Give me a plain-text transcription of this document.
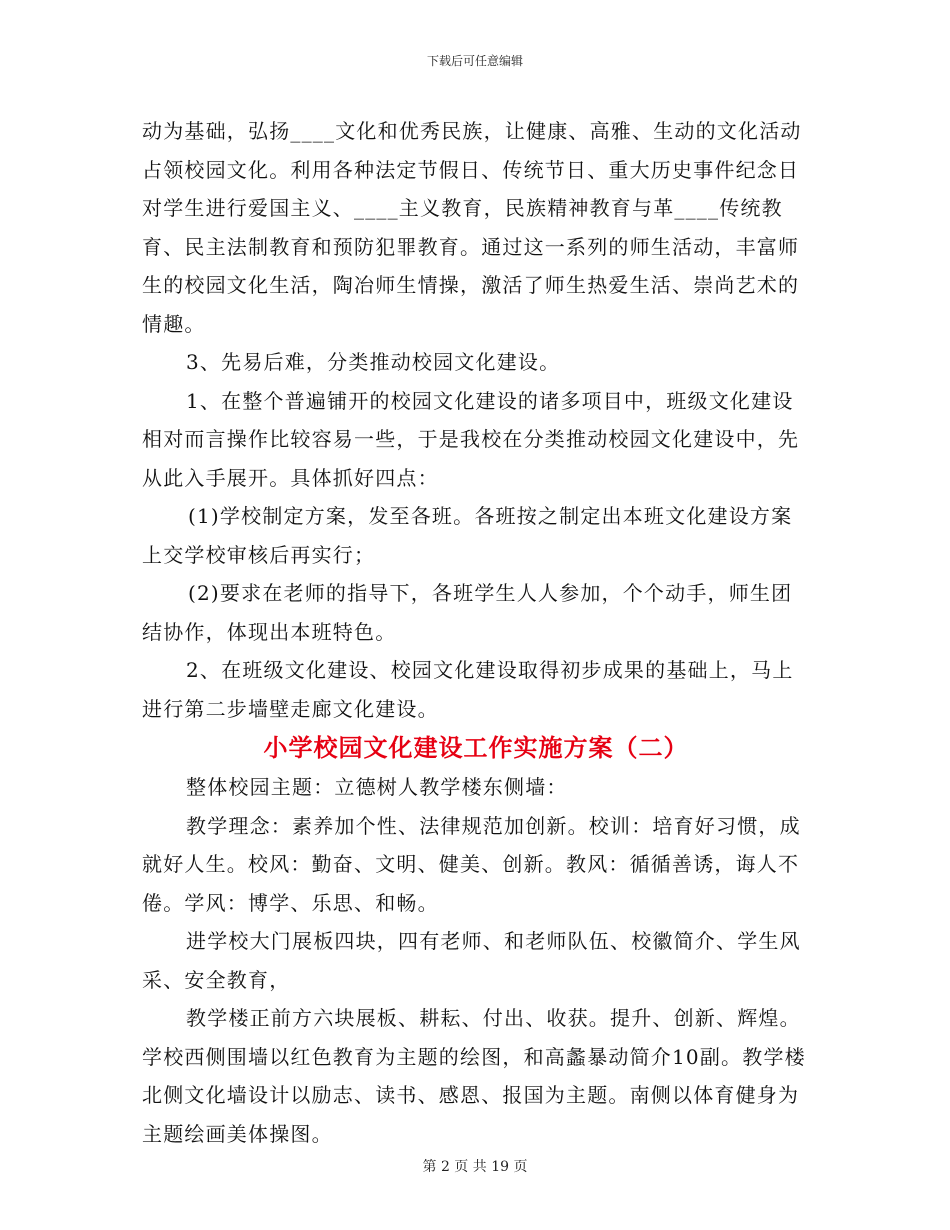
下载后可任意编辑

动为基础，弘扬____文化和优秀民族，让健康、高雅、生动的文化活动占领校园文化。利用各种法定节假日、传统节日、重大历史事件纪念日对学生进行爱国主义、____主义教育，民族精神教育与革____传统教育、民主法制教育和预防犯罪教育。通过这一系列的师生活动，丰富师生的校园文化生活，陶冶师生情操，激活了师生热爱生活、崇尚艺术的情趣。

3、先易后难，分类推动校园文化建设。

1、在整个普遍铺开的校园文化建设的诸多项目中，班级文化建设相对而言操作比较容易一些，于是我校在分类推动校园文化建设中，先从此入手展开。具体抓好四点：

(1)学校制定方案，发至各班。各班按之制定出本班文化建设方案上交学校审核后再实行；

(2)要求在老师的指导下，各班学生人人参加，个个动手，师生团结协作，体现出本班特色。

2、在班级文化建设、校园文化建设取得初步成果的基础上，马上进行第二步墙壁走廊文化建设。

小学校园文化建设工作实施方案（二）

整体校园主题：立德树人教学楼东侧墙：

教学理念：素养加个性、法律规范加创新。校训：培育好习惯，成就好人生。校风：勤奋、文明、健美、创新。教风：循循善诱，诲人不倦。学风：博学、乐思、和畅。

进学校大门展板四块，四有老师、和老师队伍、校徽简介、学生风采、安全教育，

教学楼正前方六块展板、耕耘、付出、收获。提升、创新、辉煌。学校西侧围墙以红色教育为主题的绘图，和高蠡暴动简介10副。教学楼北侧文化墙设计以励志、读书、感恩、报国为主题。南侧以体育健身为主题绘画美体操图。

第 2 页 共 19 页
